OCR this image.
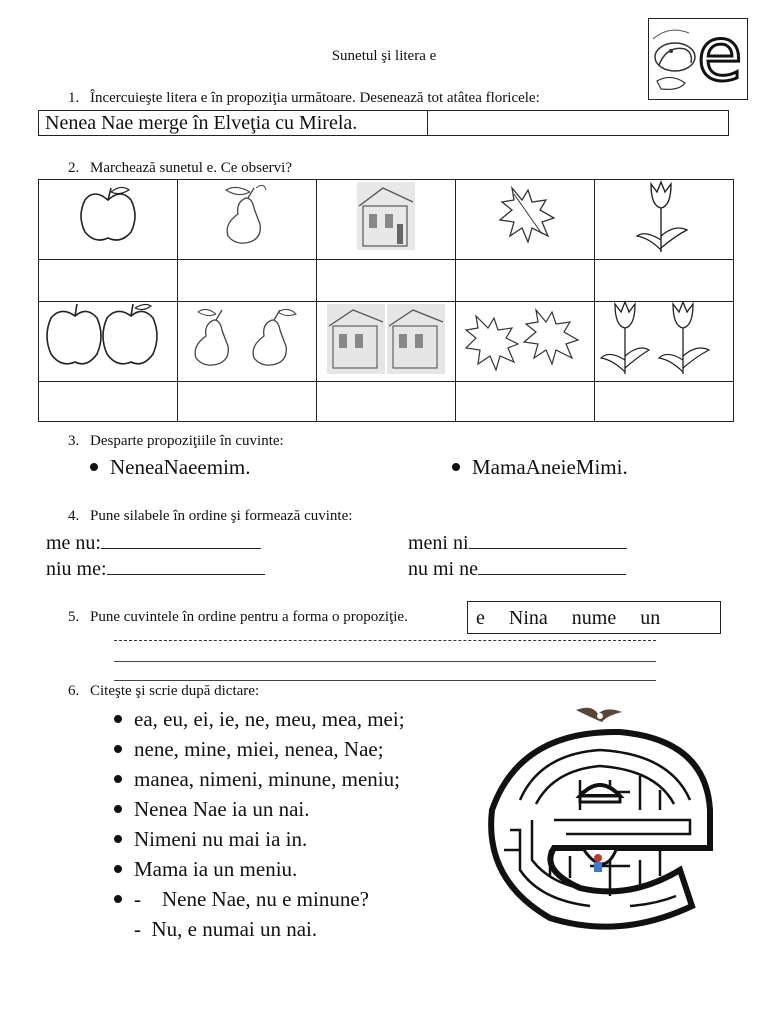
Sunetul şi litera e	e
1. Încercuieşte litera e în propoziţia următoare. Desenează tot atâtea floricele:
Nenea Nae merge în Elveţia cu Mirela.
2. Marchează sunetul e. Ce observi?

3. Desparte propoziţiile în cuvinte:
NeneaNaeemim.	MamaAneieMimi.
4. Pune silabele în ordine şi formează cuvinte:
me nu:
niu me:
meni ni
nu mi ne
5. Pune cuvintele în ordine pentru a forma o propoziţie.	e Nina nume un
6. Citeşte şi scrie după dictare:
ea, eu, ei, ie, ne, meu, mea, mei;
nene, mine, miei, nenea, Nae;
manea, nimeni, minune, meniu;
Nenea Nae ia un nai.
Nimeni nu mai ia in.
Mama ia un meniu.
-    Nene Nae, nu e minune?
-  Nu, e numai un nai.
